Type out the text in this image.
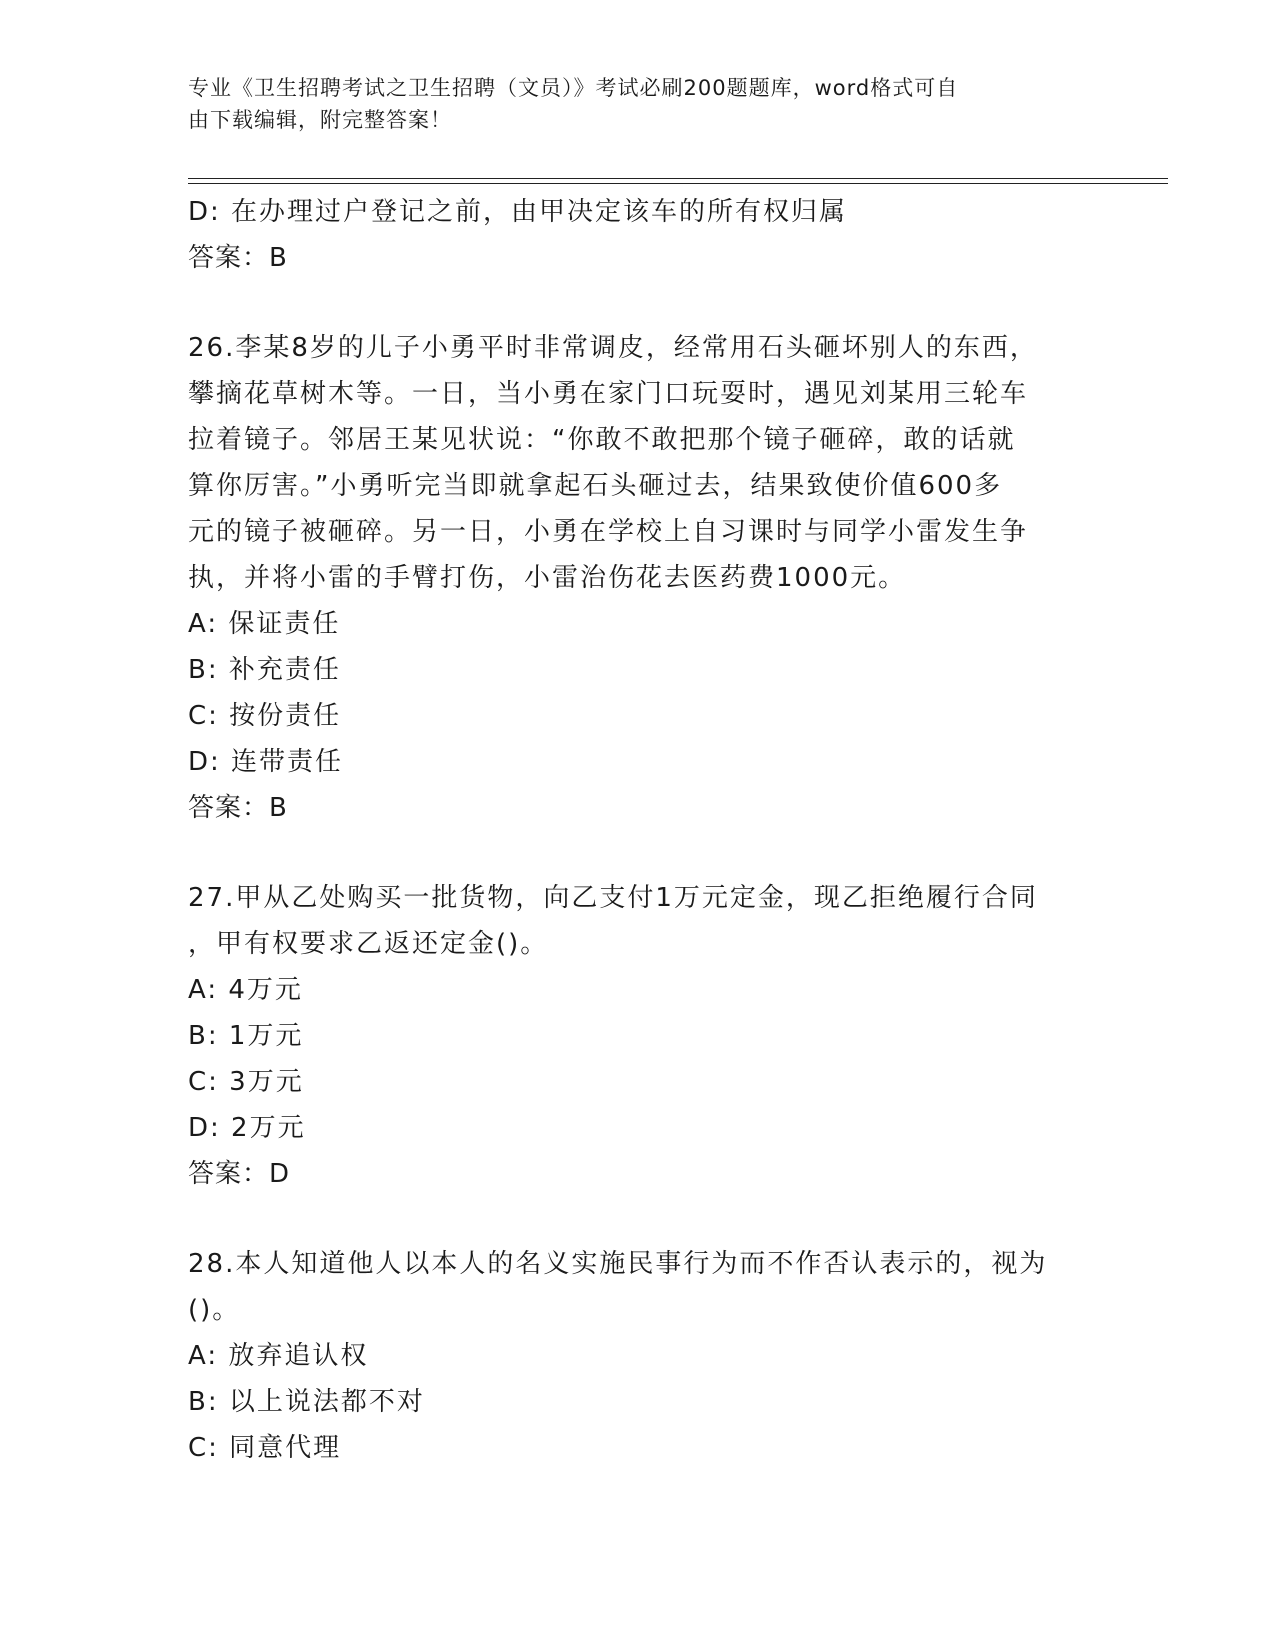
专业《卫生招聘考试之卫生招聘（文员）》考试必刷200题题库，word格式可自
由下载编辑，附完整答案！
D: 在办理过户登记之前，由甲决定该车的所有权归属
答案：B
26.李某8岁的儿子小勇平时非常调皮，经常用石头砸坏别人的东西，
攀摘花草树木等。一日，当小勇在家门口玩耍时，遇见刘某用三轮车
拉着镜子。邻居王某见状说：“你敢不敢把那个镜子砸碎，敢的话就
算你厉害。”小勇听完当即就拿起石头砸过去，结果致使价值600多
元的镜子被砸碎。另一日，小勇在学校上自习课时与同学小雷发生争
执，并将小雷的手臂打伤，小雷治伤花去医药费1000元。
A: 保证责任
B: 补充责任
C: 按份责任
D: 连带责任
答案：B
27.甲从乙处购买一批货物，向乙支付1万元定金，现乙拒绝履行合同
，甲有权要求乙返还定金()。
A: 4万元
B: 1万元
C: 3万元
D: 2万元
答案：D
28.本人知道他人以本人的名义实施民事行为而不作否认表示的，视为
()。
A: 放弃追认权
B: 以上说法都不对
C: 同意代理
